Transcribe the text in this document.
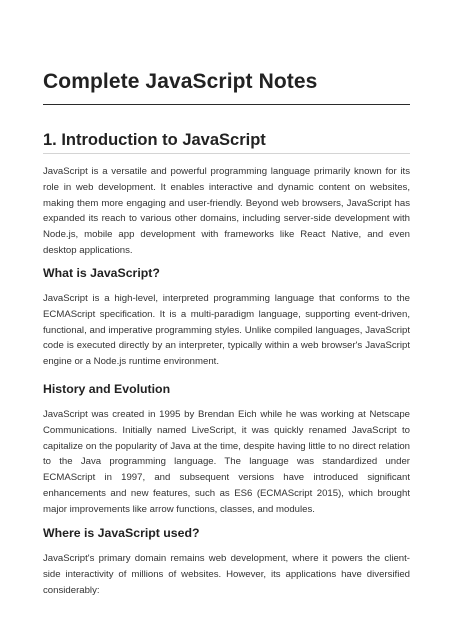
Complete JavaScript Notes
1. Introduction to JavaScript

JavaScript is a versatile and powerful programming language primarily known for its role in web development. It enables interactive and dynamic content on websites, making them more engaging and user-friendly. Beyond web browsers, JavaScript has expanded its reach to various other domains, including server-side development with Node.js, mobile app development with frameworks like React Native, and even desktop applications.

What is JavaScript?

JavaScript is a high-level, interpreted programming language that conforms to the ECMAScript specification. It is a multi-paradigm language, supporting event-driven, functional, and imperative programming styles. Unlike compiled languages, JavaScript code is executed directly by an interpreter, typically within a web browser's JavaScript engine or a Node.js runtime environment.

History and Evolution

JavaScript was created in 1995 by Brendan Eich while he was working at Netscape Communications. Initially named LiveScript, it was quickly renamed JavaScript to capitalize on the popularity of Java at the time, despite having little to no direct relation to the Java programming language. The language was standardized under ECMAScript in 1997, and subsequent versions have introduced significant enhancements and new features, such as ES6 (ECMAScript 2015), which brought major improvements like arrow functions, classes, and modules.

Where is JavaScript used?

JavaScript's primary domain remains web development, where it powers the client-side interactivity of millions of websites. However, its applications have diversified considerably:
